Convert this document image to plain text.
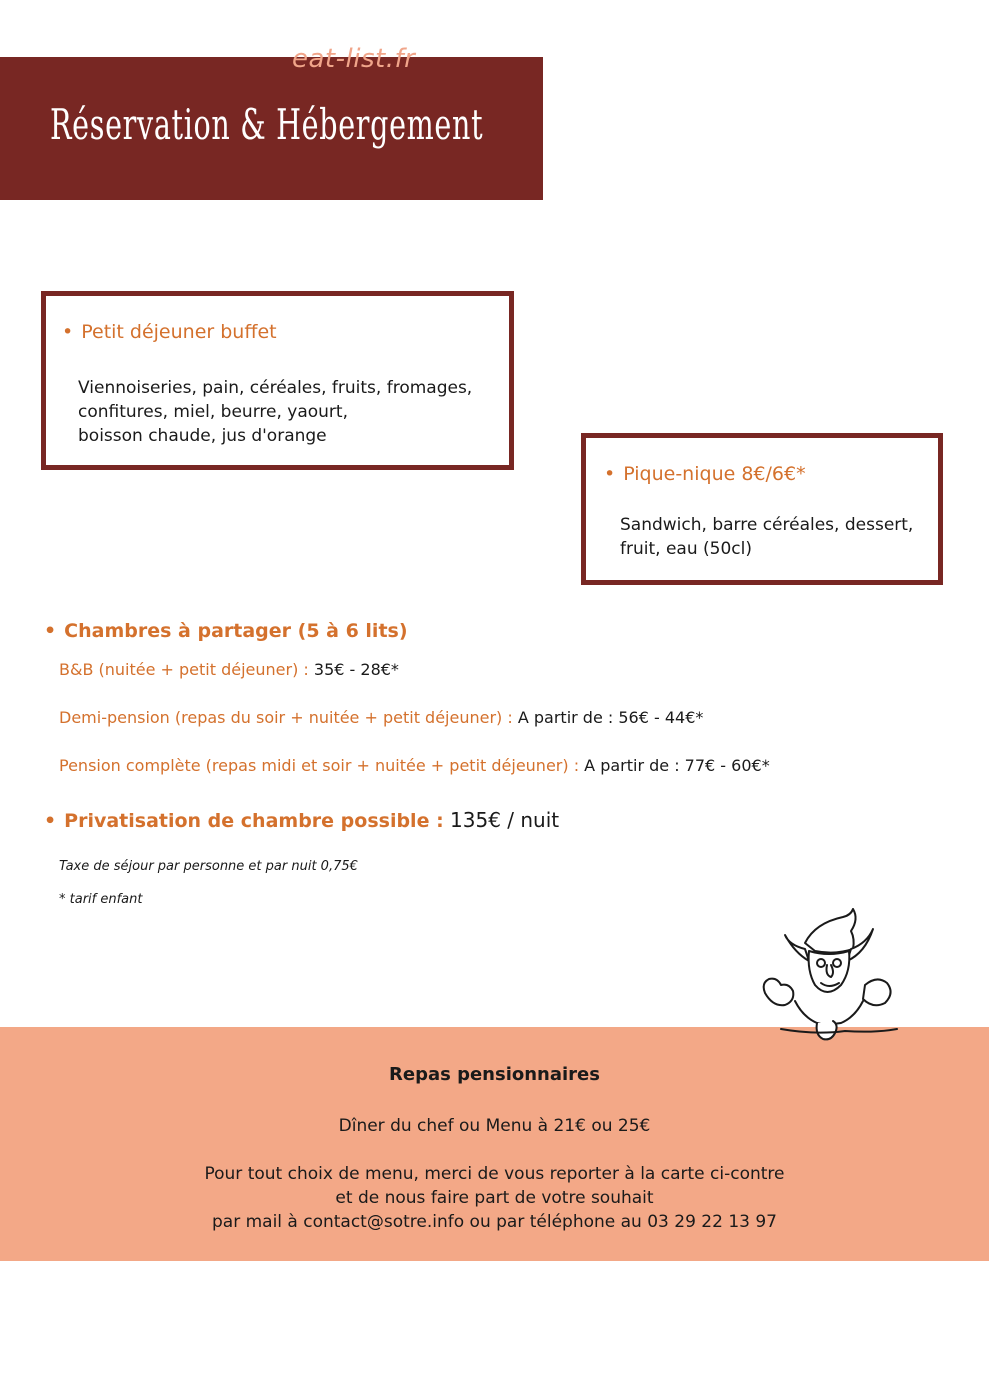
eat-list.fr
Réservation & Hébergement
• Petit déjeuner buffet
Viennoiseries, pain, céréales, fruits, fromages,
confitures, miel, beurre, yaourt,
boisson chaude, jus d'orange
• Pique-nique 8€/6€*
Sandwich, barre céréales, dessert,
fruit, eau (50cl)
• Chambres à partager (5 à 6 lits)
B&B (nuitée + petit déjeuner) : 35€ - 28€*
Demi-pension (repas du soir + nuitée + petit déjeuner) : A partir de : 56€ - 44€*
Pension complète (repas midi et soir + nuitée + petit déjeuner) : A partir de : 77€ - 60€*
• Privatisation de chambre possible : 135€ / nuit
Taxe de séjour par personne et par nuit 0,75€
* tarif enfant
Repas pensionnaires
Dîner du chef ou Menu à 21€ ou 25€
Pour tout choix de menu, merci de vous reporter à la carte ci-contre
et de nous faire part de votre souhait
par mail à contact@sotre.info ou par téléphone au 03 29 22 13 97
